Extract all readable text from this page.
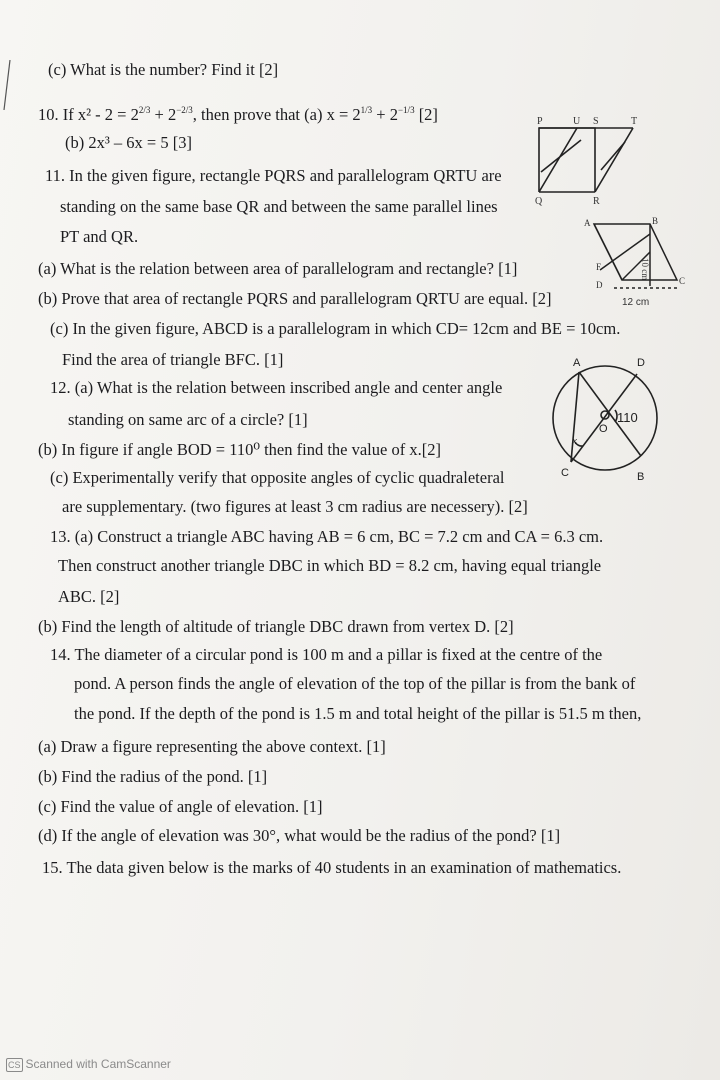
(c) What is the number? Find it [2]
10. If $x^2 - 2 = 2^{2/3} + 2^{-2/3}$, then prove that (a) $x = 2^{1/3} + 2^{-1/3}$ [2]
(b) 2x³ – 6x = 5 [3]
11. In the given figure, rectangle PQRS and parallelogram QRTU are
standing on the same base QR and between the same parallel lines
PT and QR.
(a) What is the relation between area of parallelogram and rectangle? [1]
(b) Prove that area of rectangle PQRS and parallelogram QRTU are equal. [2]
(c) In the given figure, ABCD is a parallelogram in which CD= 12cm and BE = 10cm.
Find the area of triangle BFC. [1]
12. (a) What is the relation between inscribed angle and center angle
standing on same arc of a circle? [1]
(b) In figure if angle BOD = 110⁰ then find the value of x.[2]
(c) Experimentally verify that opposite angles of cyclic quadraleteral
are supplementary. (two figures at least 3 cm radius are necessery). [2]
13. (a) Construct a triangle ABC having AB = 6 cm, BC = 7.2 cm and CA = 6.3 cm.
Then construct another triangle DBC in which BD = 8.2 cm, having equal triangle
ABC. [2]
(b) Find the length of altitude of triangle DBC drawn from vertex D. [2]
14. The diameter of a circular pond is 100 m and a pillar is fixed at the centre of the
pond. A person finds the angle of elevation of the top of the pillar is from the bank of
the pond. If the depth of the pond is 1.5 m and total height of the pillar is 51.5 m then,
(a) Draw a figure representing the above context. [1]
(b) Find the radius of the pond. [1]
(c) Find the value of angle of elevation. [1]
(d) If the angle of elevation was 30°, what would be the radius of the pond? [1]
15. The data given below is the marks of 40 students in an examination of mathematics.
P	U S	T
Q	R
A	B
C
D
F	10 cm
12 cm
A	D
O
B
C
110
x
CS Scanned with CamScanner
